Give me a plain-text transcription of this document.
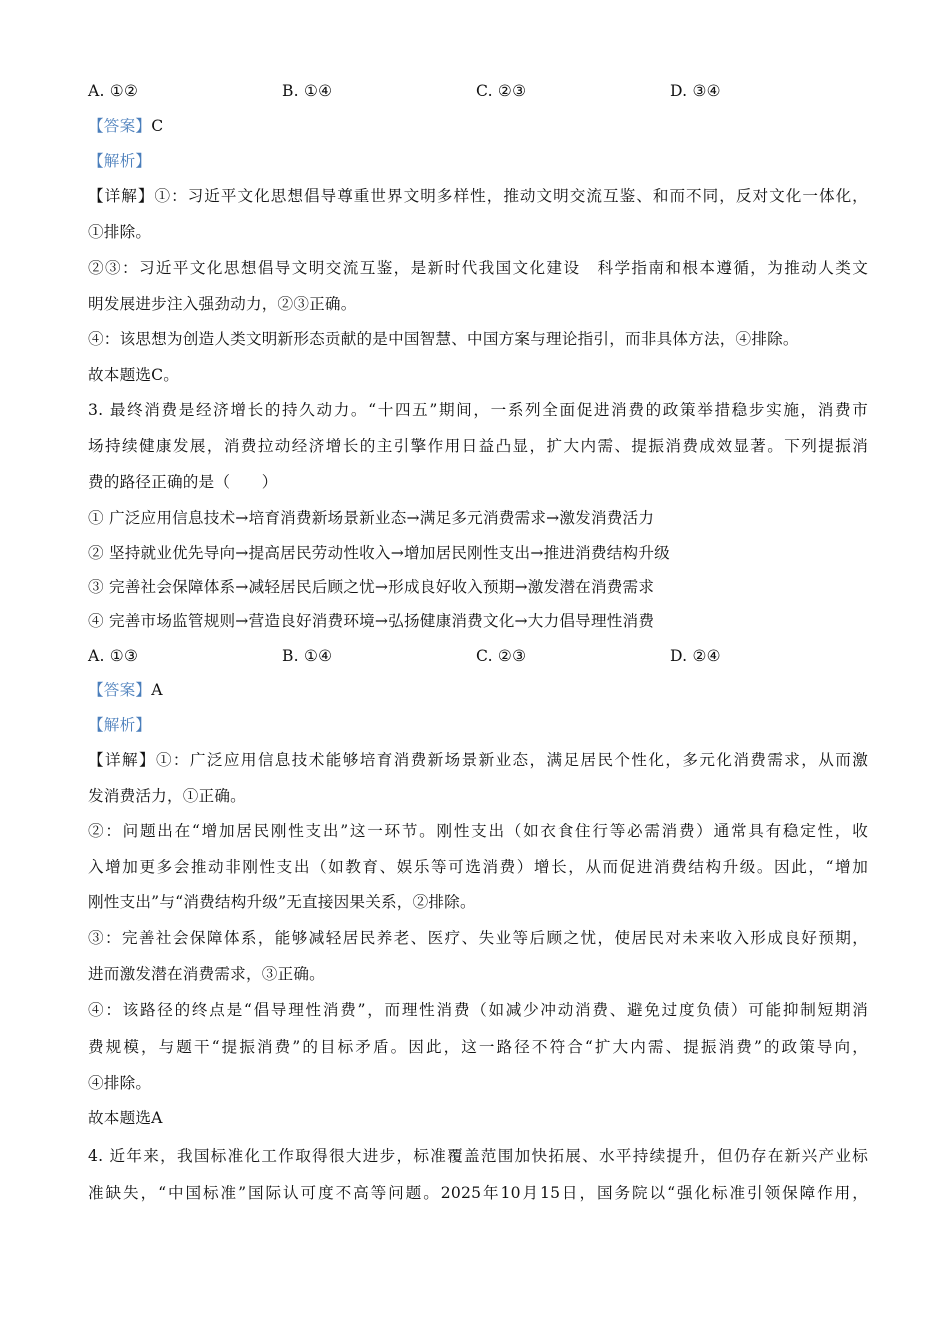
A. ①②	B. ①④	C. ②③	D. ③④
【答案】C
【解析】
【详解】①：习近平文化思想倡导尊重世界文明多样性，推动文明交流互鉴、和而不同，反对文化一体化，
①排除。
②③：习近平文化思想倡导文明交流互鉴，是新时代我国文化建设　科学指南和根本遵循，为推动人类文
明发展进步注入强劲动力，②③正确。
④：该思想为创造人类文明新形态贡献的是中国智慧、中国方案与理论指引，而非具体方法，④排除。
故本题选C。
3. 最终消费是经济增长的持久动力。“十四五”期间，一系列全面促进消费的政策举措稳步实施，消费市
场持续健康发展，消费拉动经济增长的主引擎作用日益凸显，扩大内需、提振消费成效显著。下列提振消
费的路径正确的是（　　）
① 广泛应用信息技术→培育消费新场景新业态→满足多元消费需求→激发消费活力
② 坚持就业优先导向→提高居民劳动性收入→增加居民刚性支出→推进消费结构升级
③ 完善社会保障体系→减轻居民后顾之忧→形成良好收入预期→激发潜在消费需求
④ 完善市场监管规则→营造良好消费环境→弘扬健康消费文化→大力倡导理性消费
A. ①③	B. ①④	C. ②③	D. ②④
【答案】A
【解析】
【详解】①：广泛应用信息技术能够培育消费新场景新业态，满足居民个性化，多元化消费需求，从而激
发消费活力，①正确。
②：问题出在“增加居民刚性支出”这一环节。刚性支出（如衣食住行等必需消费）通常具有稳定性，收
入增加更多会推动非刚性支出（如教育、娱乐等可选消费）增长，从而促进消费结构升级。因此，“增加
刚性支出”与“消费结构升级”无直接因果关系，②排除。
③：完善社会保障体系，能够减轻居民养老、医疗、失业等后顾之忧，使居民对未来收入形成良好预期，
进而激发潜在消费需求，③正确。
④：该路径的终点是“倡导理性消费”，而理性消费（如减少冲动消费、避免过度负债）可能抑制短期消
费规模，与题干“提振消费”的目标矛盾。因此，这一路径不符合“扩大内需、提振消费”的政策导向，
④排除。
故本题选A
4. 近年来，我国标准化工作取得很大进步，标准覆盖范围加快拓展、水平持续提升，但仍存在新兴产业标
准缺失，“中国标准”国际认可度不高等问题。2025年10月15日，国务院以“强化标准引领保障作用，
